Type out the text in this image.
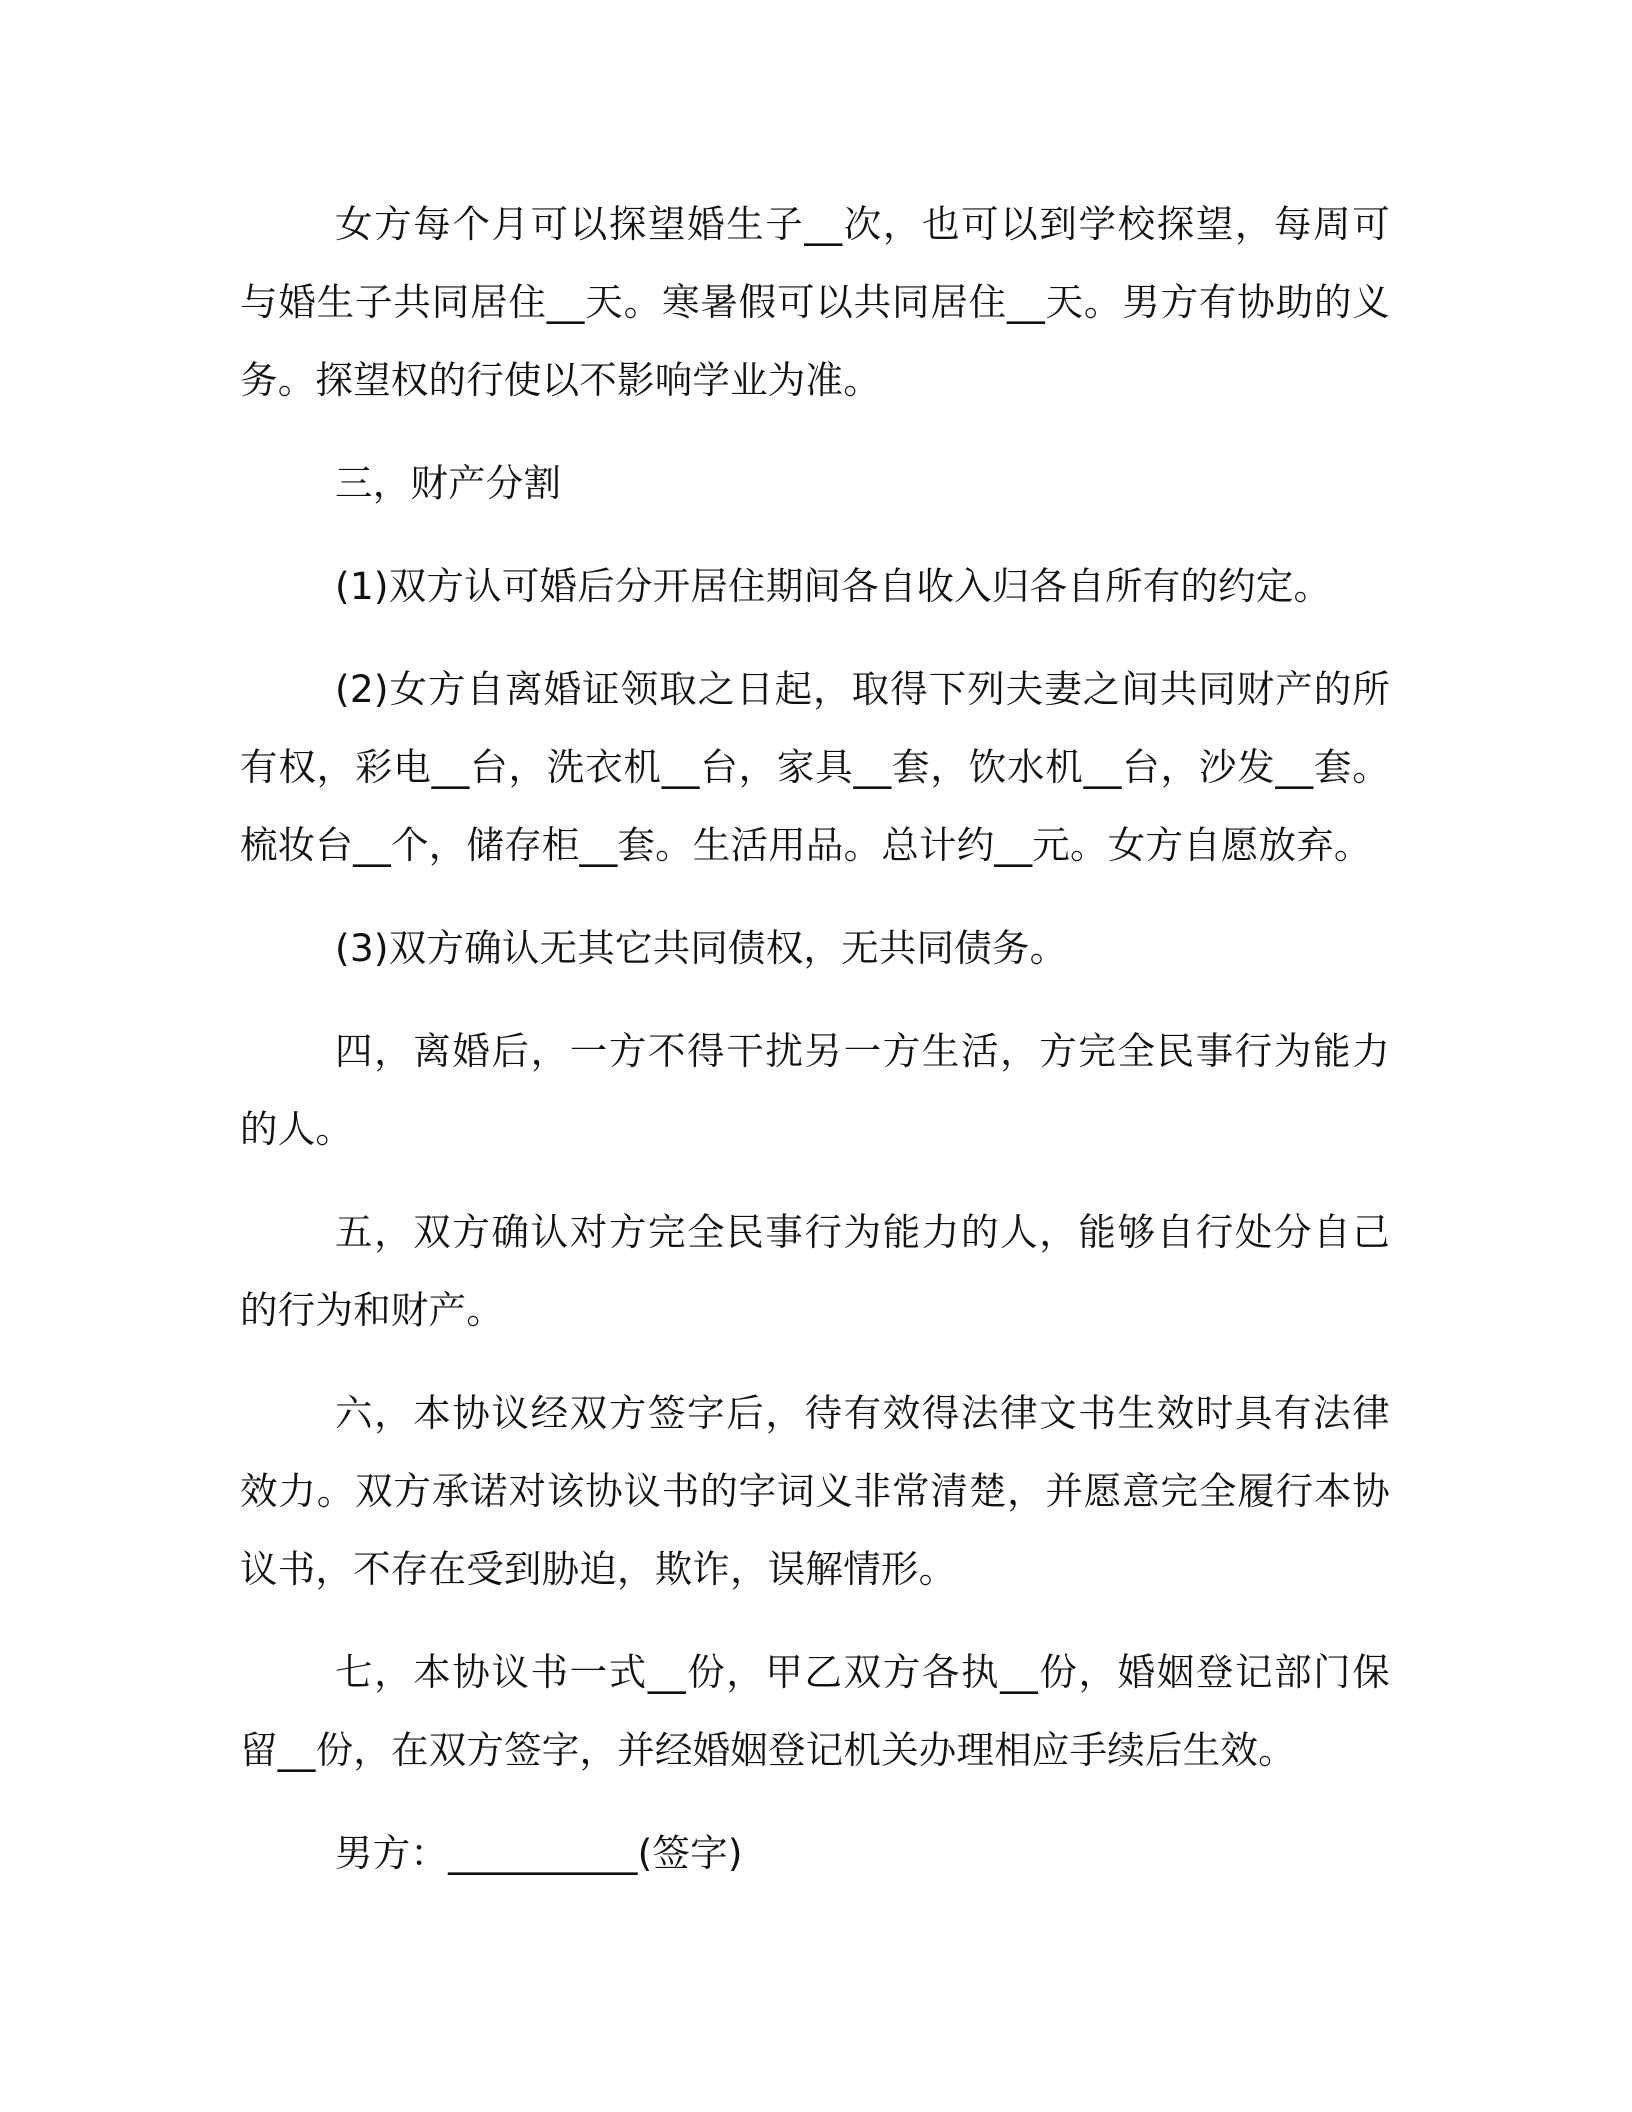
女方每个月可以探望婚生子__次，也可以到学校探望，每周可与婚生子共同居住__天。寒暑假可以共同居住__天。男方有协助的义务。探望权的行使以不影响学业为准。

三，财产分割

(1)双方认可婚后分开居住期间各自收入归各自所有的约定。

(2)女方自离婚证领取之日起，取得下列夫妻之间共同财产的所有权，彩电__台，洗衣机__台，家具__套，饮水机__台，沙发__套。梳妆台__个，储存柜__套。生活用品。总计约__元。女方自愿放弃。

(3)双方确认无其它共同债权，无共同债务。

四，离婚后，一方不得干扰另一方生活，方完全民事行为能力的人。

五，双方确认对方完全民事行为能力的人，能够自行处分自己的行为和财产。

六，本协议经双方签字后，待有效得法律文书生效时具有法律效力。双方承诺对该协议书的字词义非常清楚，并愿意完全履行本协议书，不存在受到胁迫，欺诈，误解情形。

七，本协议书一式__份，甲乙双方各执__份，婚姻登记部门保留__份，在双方签字，并经婚姻登记机关办理相应手续后生效。

男方：__________(签字)
